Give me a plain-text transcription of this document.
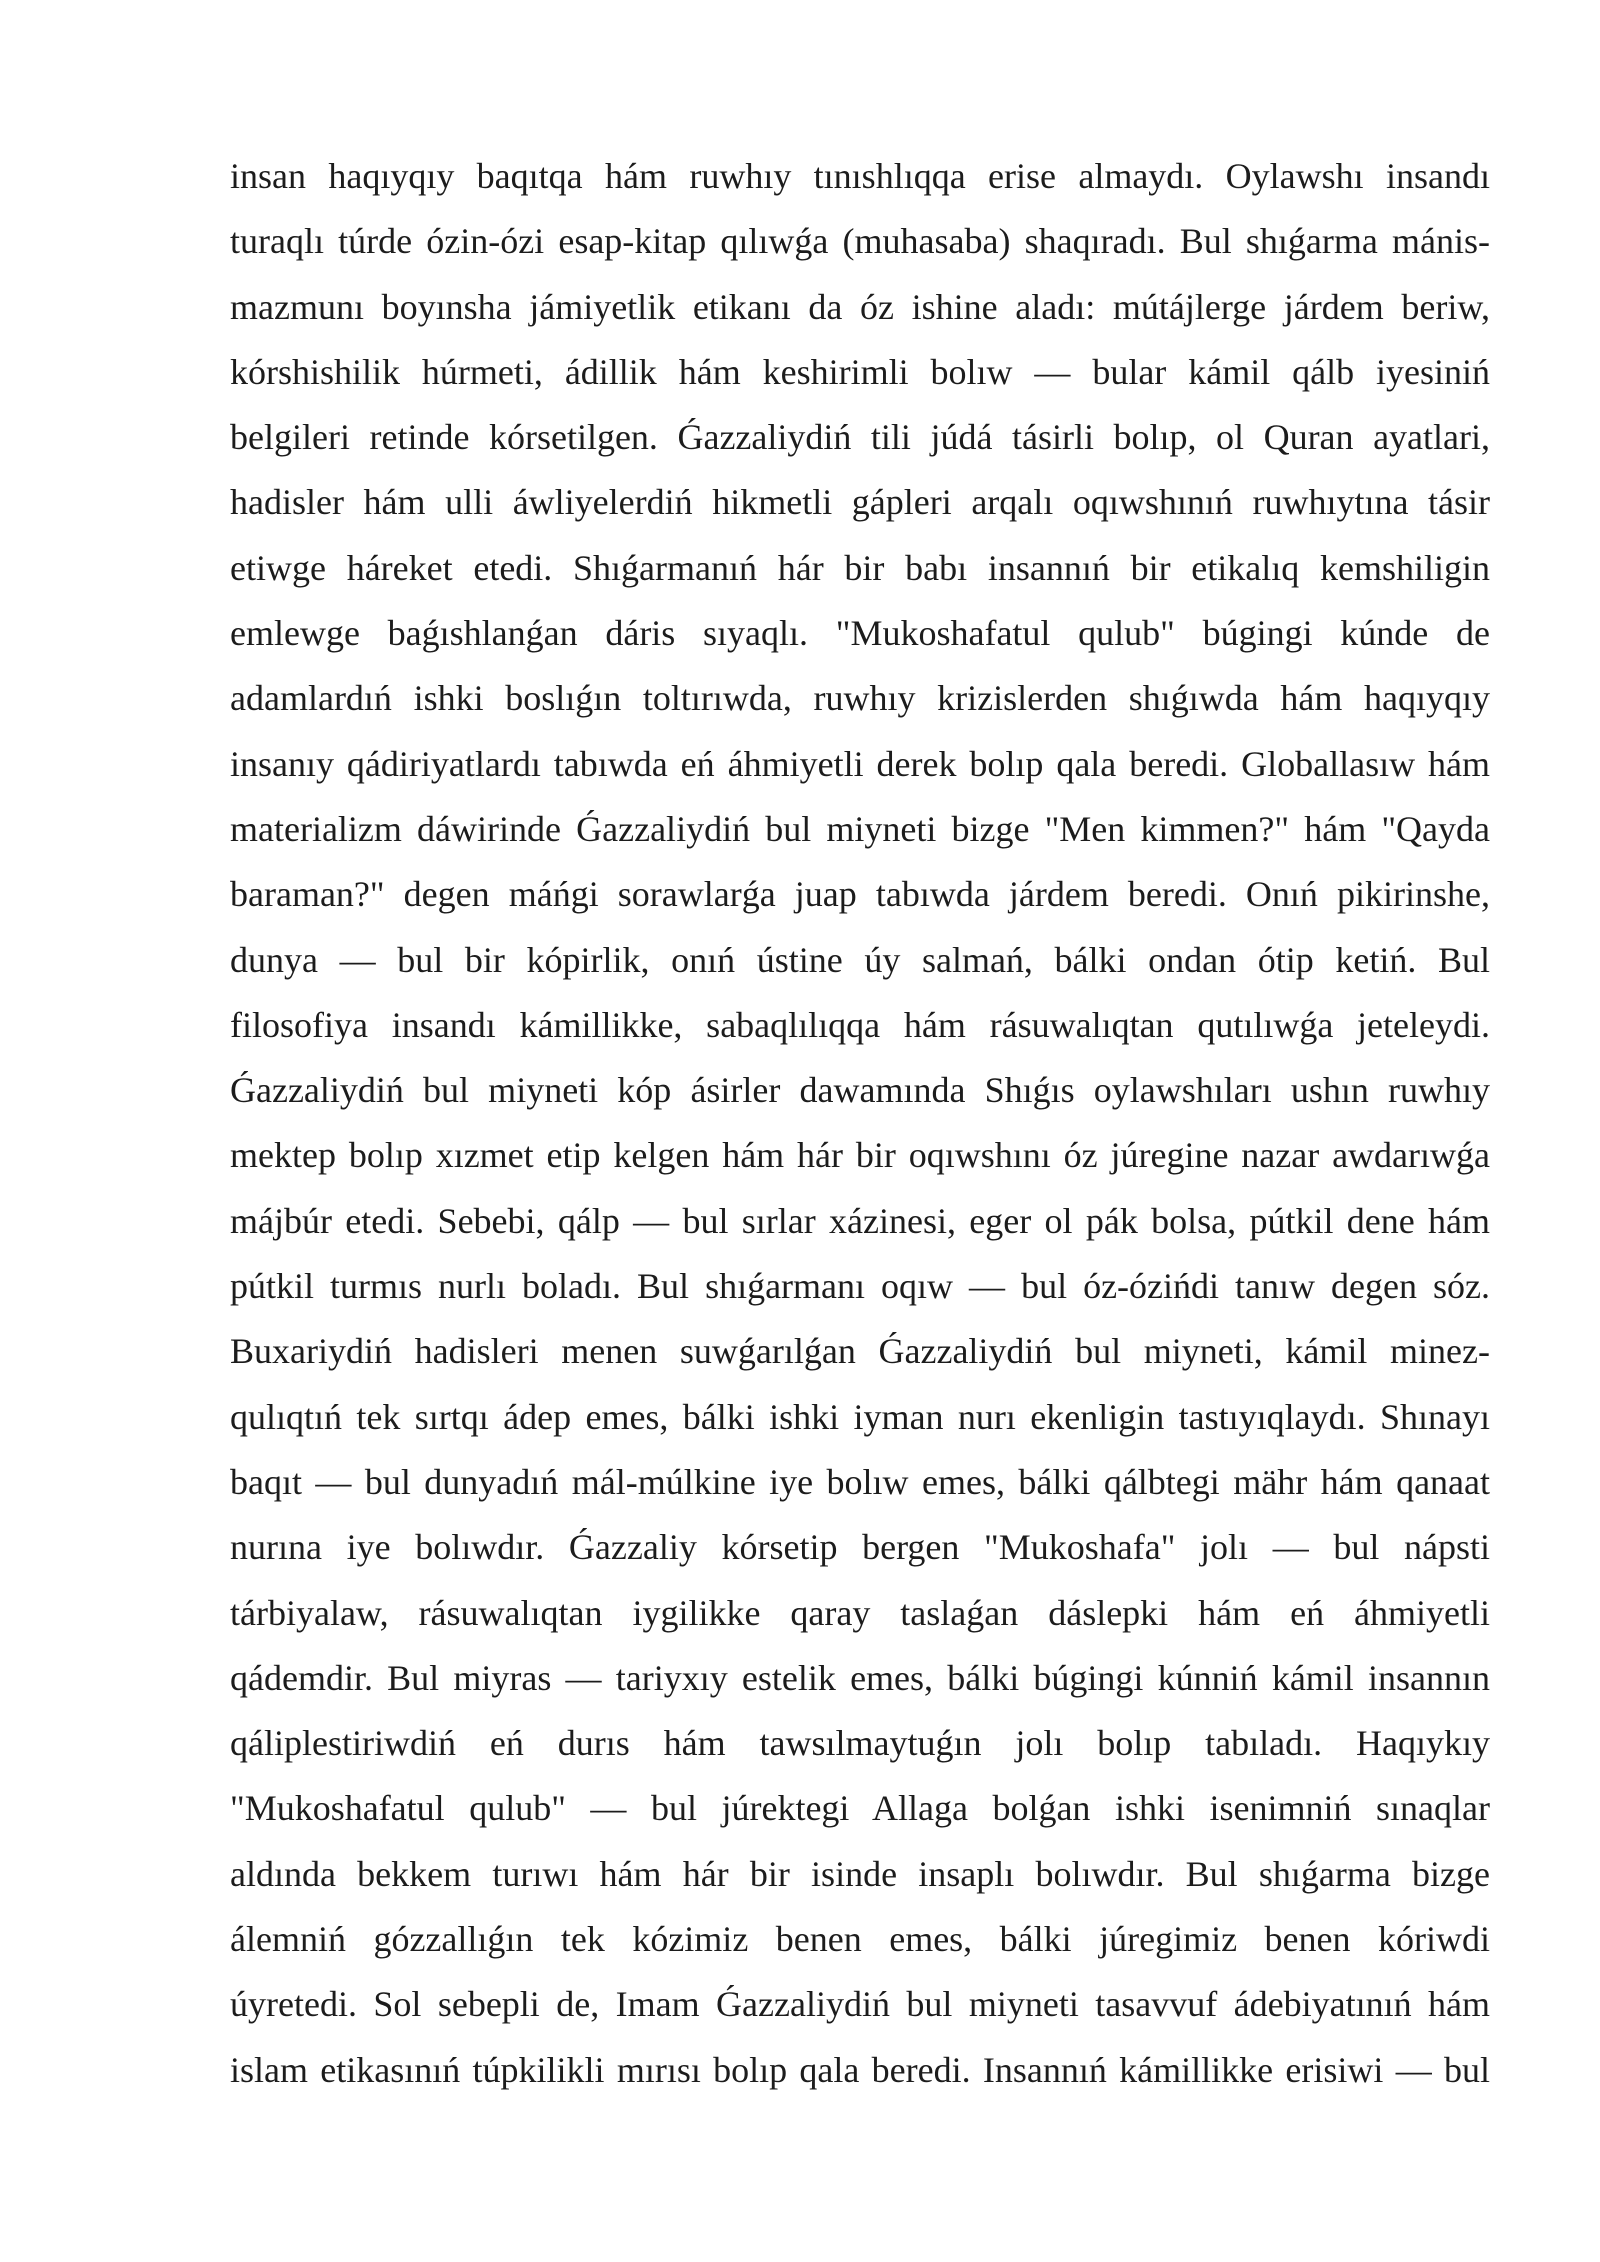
insan haqıyqıy baqıtqa hám ruwhıy tınıshlıqqa erise almaydı. Oylawshı insandı
turaqlı túrde ózin-ózi esap-kitap qılıwǵa (muhasaba) shaqıradı. Bul shıǵarma mánis-
mazmunı boyınsha jámiyetlik etikanı da óz ishine aladı: mútájlerge járdem beriw,
kórshishilik húrmeti, ádillik hám keshirimli bolıw — bular kámil qálb iyesiniń
belgileri retinde kórsetilgen. Ǵazzaliydiń tili júdá tásirli bolıp, ol Quran ayatlari,
hadisler hám ulli áwliyelerdiń hikmetli gápleri arqalı oqıwshınıń ruwhıytına tásir
etiwge háreket etedi. Shıǵarmanıń hár bir babı insannıń bir etikalıq kemshiligin
emlewge baǵıshlanǵan dáris sıyaqlı. "Mukoshafatul qulub" búgingi kúnde de
adamlardıń ishki boslıǵın toltırıwda, ruwhıy krizislerden shıǵıwda hám haqıyqıy
insanıy qádiriyatlardı tabıwda eń áhmiyetli derek bolıp qala beredi. Globallasıw hám
materializm dáwirinde Ǵazzaliydiń bul miyneti bizge "Men kimmen?" hám "Qayda
baraman?" degen máńgi sorawlarǵa juap tabıwda járdem beredi. Onıń pikirinshe,
dunya — bul bir kópirlik, onıń ústine úy salmań, bálki ondan ótip ketiń. Bul
filosofiya insandı kámillikke, sabaqlılıqqa hám rásuwalıqtan qutılıwǵa jeteleydi.
Ǵazzaliydiń bul miyneti kóp ásirler dawamında Shıǵıs oylawshıları ushın ruwhıy
mektep bolıp xızmet etip kelgen hám hár bir oqıwshını óz júregine nazar awdarıwǵa
májbúr etedi. Sebebi, qálp — bul sırlar xázinesi, eger ol pák bolsa, pútkil dene hám
pútkil turmıs nurlı boladı. Bul shıǵarmanı oqıw — bul óz-ózińdi tanıw degen sóz.
Buxariydiń hadisleri menen suwǵarılǵan Ǵazzaliydiń bul miyneti, kámil minez-
qulıqtıń tek sırtqı ádep emes, bálki ishki iyman nurı ekenligin tastıyıqlaydı. Shınayı
baqıt — bul dunyadıń mál-múlkine iye bolıw emes, bálki qálbtegi mähr hám qanaat
nurına iye bolıwdır. Ǵazzaliy kórsetip bergen "Mukoshafa" jolı — bul nápsti
tárbiyalaw, rásuwalıqtan iygilikke qaray taslaǵan dáslepki hám eń áhmiyetli
qádemdir. Bul miyras — tariyxıy estelik emes, bálki búgingi kúnniń kámil insannın
qáliplestiriwdiń eń durıs hám tawsılmaytuǵın jolı bolıp tabıladı. Haqıykıy
"Mukoshafatul qulub" — bul júrektegi Allaga bolǵan ishki isenimniń sınaqlar
aldında bekkem turıwı hám hár bir isinde insaplı bolıwdır. Bul shıǵarma bizge
álemniń gózzallıǵın tek kózimiz benen emes, bálki júregimiz benen kóriwdi
úyretedi. Sol sebepli de, Imam Ǵazzaliydiń bul miyneti tasavvuf ádebiyatınıń hám
islam etikasınıń túpkilikli mırısı bolıp qala beredi. Insannıń kámillikke erisiwi — bul
